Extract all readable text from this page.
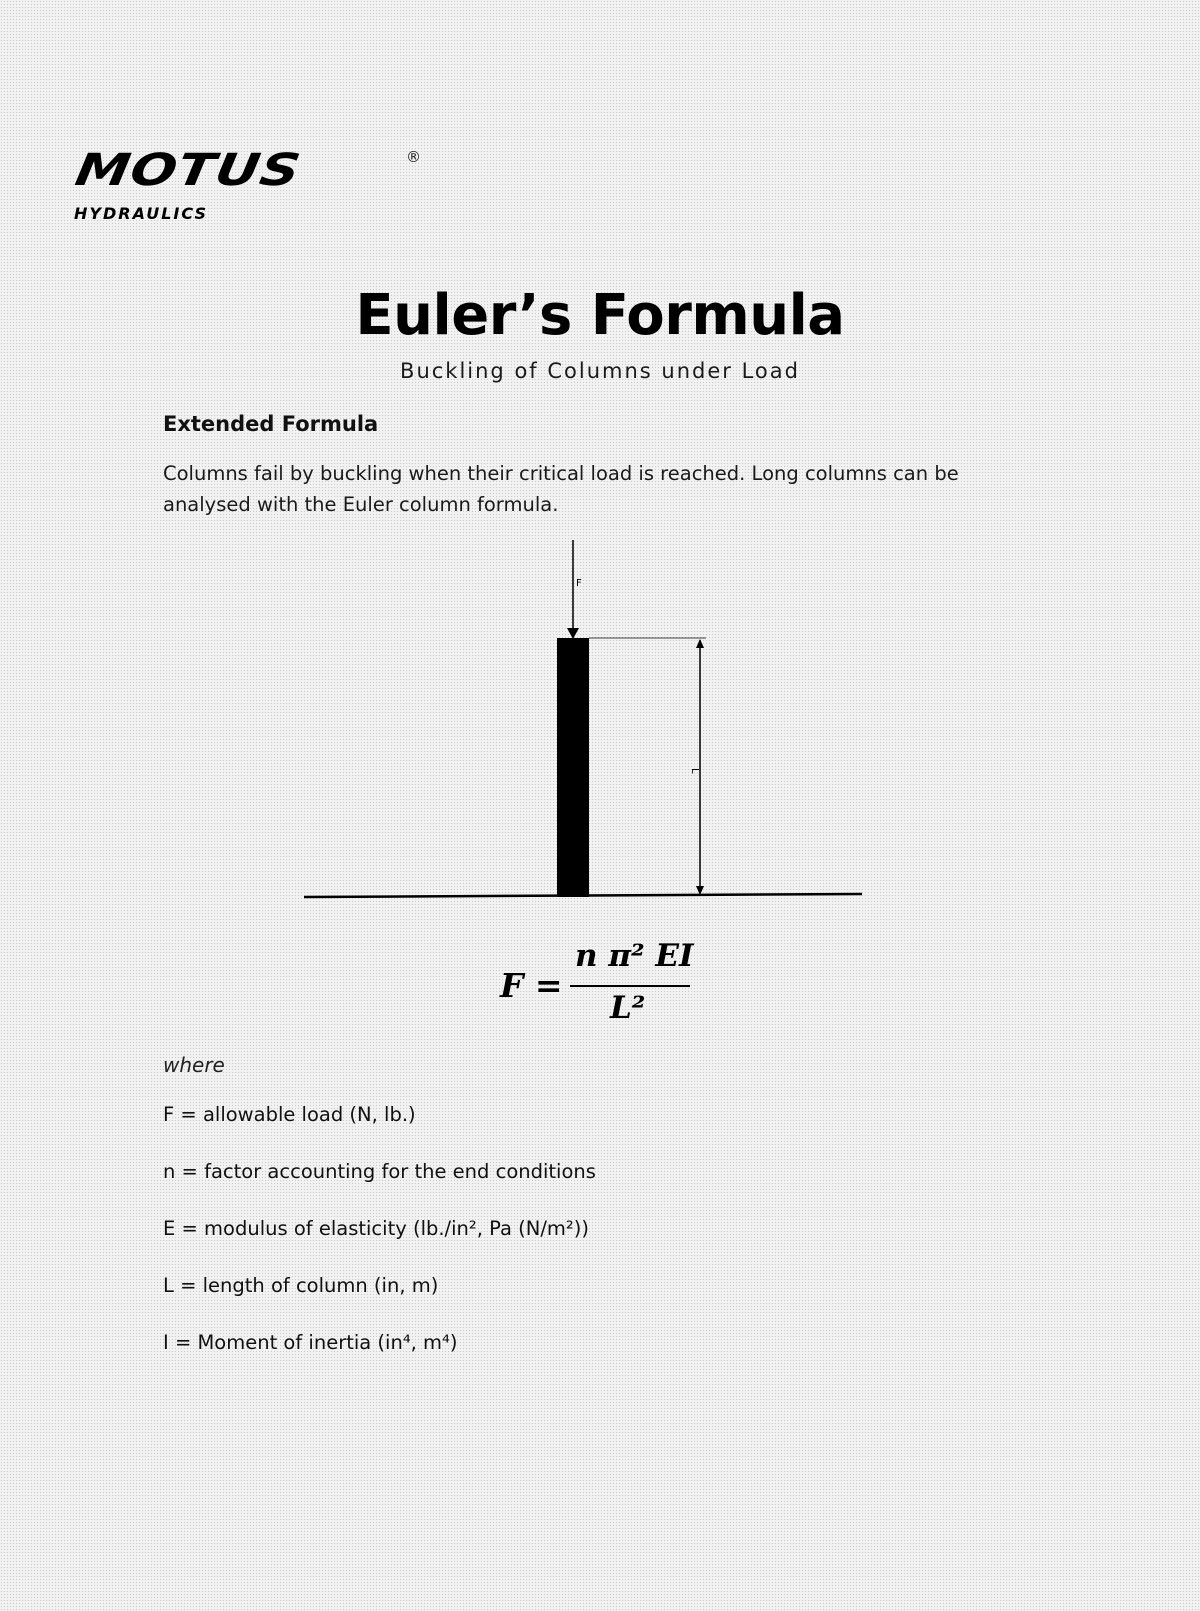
MOTUS	®
HYDRAULICS
Euler’s Formula
Buckling of Columns under Load
Extended Formula
Columns fail by buckling when their critical load is reached. Long columns can be analysed with the Euler column formula.
F
L
F =
n π² EI
L²
where
F = allowable load (N, lb.)
n = factor accounting for the end conditions
E = modulus of elasticity (lb./in², Pa (N/m²))
L = length of column (in, m)
I = Moment of inertia (in⁴, m⁴)
